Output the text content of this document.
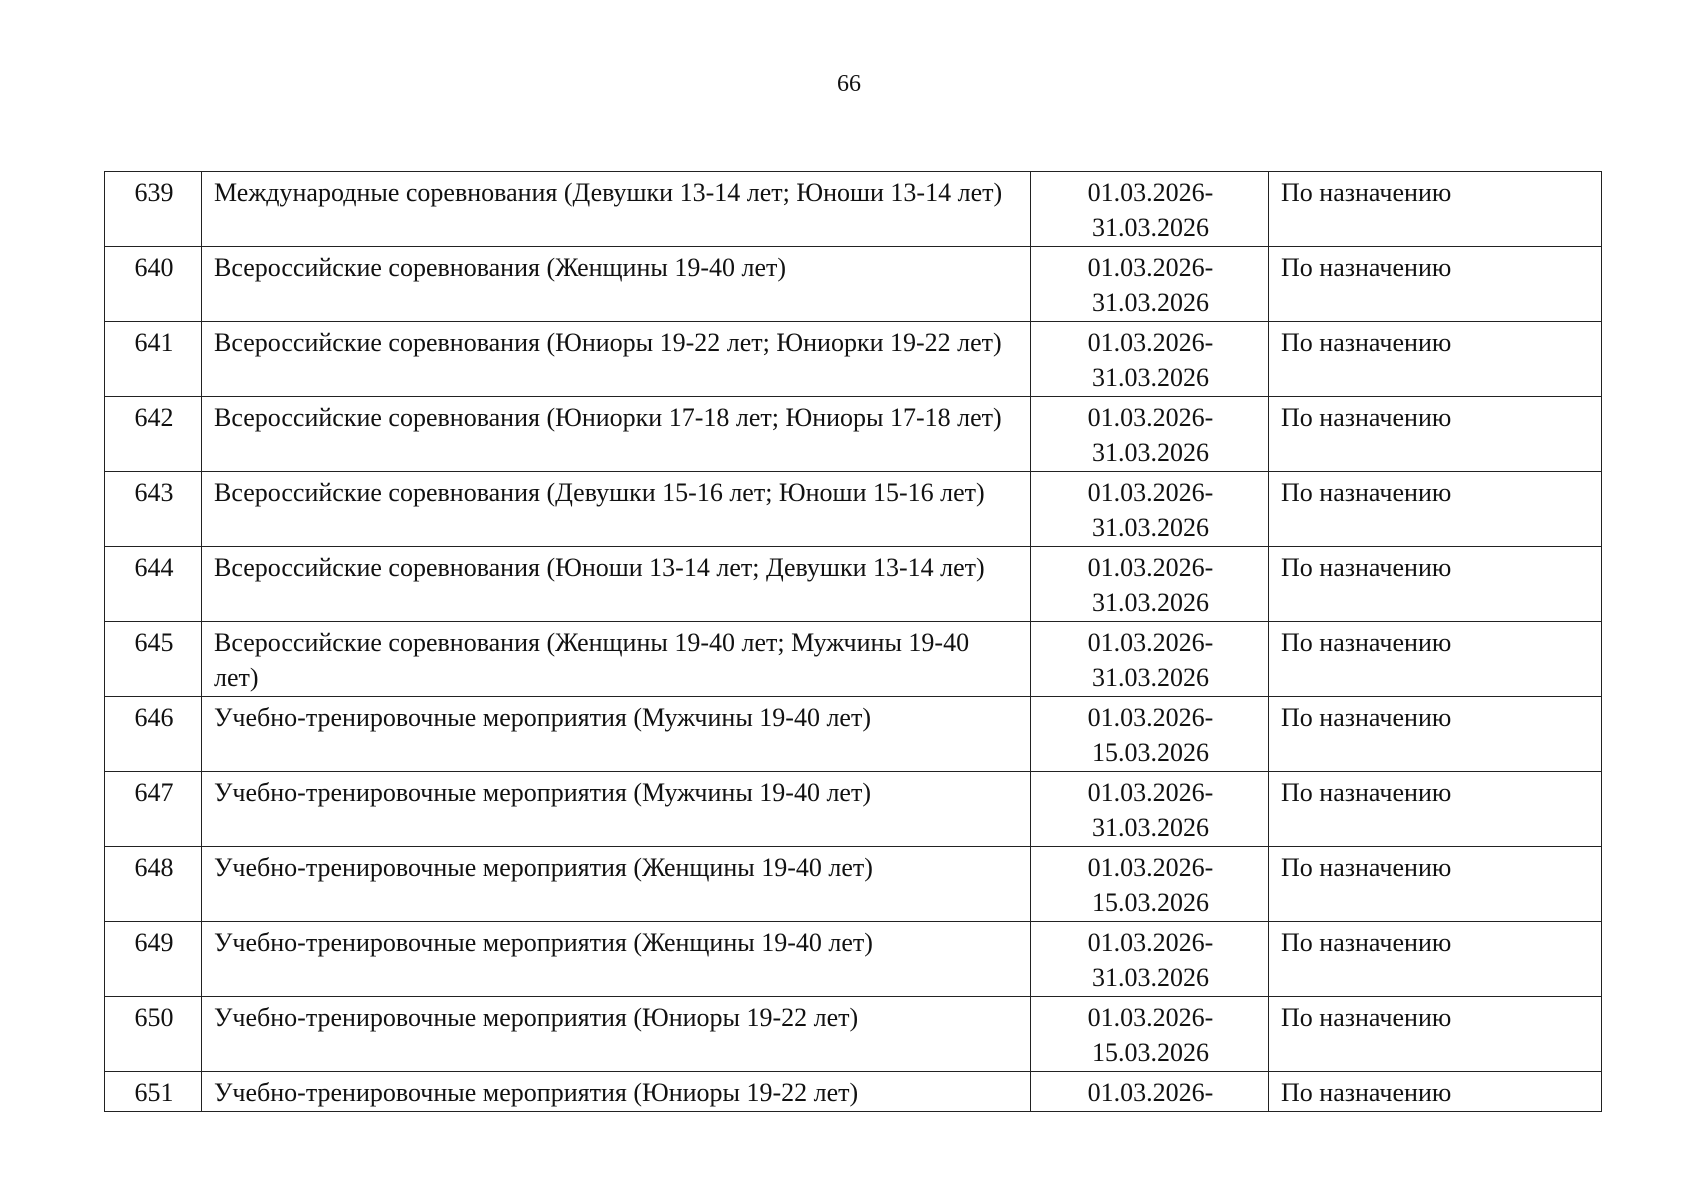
66
639	Международные соревнования (Девушки 13-14 лет; Юноши 13-14 лет)	01.03.2026-
31.03.2026	По назначению
640	Всероссийские соревнования (Женщины 19-40 лет)	01.03.2026-
31.03.2026	По назначению
641	Всероссийские соревнования (Юниоры 19-22 лет; Юниорки 19-22 лет)	01.03.2026-
31.03.2026	По назначению
642	Всероссийские соревнования (Юниорки 17-18 лет; Юниоры 17-18 лет)	01.03.2026-
31.03.2026	По назначению
643	Всероссийские соревнования (Девушки 15-16 лет; Юноши 15-16 лет)	01.03.2026-
31.03.2026	По назначению
644	Всероссийские соревнования (Юноши 13-14 лет; Девушки 13-14 лет)	01.03.2026-
31.03.2026	По назначению
645	Всероссийские соревнования (Женщины 19-40 лет; Мужчины 19-40 лет)	01.03.2026-
31.03.2026	По назначению
646	Учебно-тренировочные мероприятия (Мужчины 19-40 лет)	01.03.2026-
15.03.2026	По назначению
647	Учебно-тренировочные мероприятия (Мужчины 19-40 лет)	01.03.2026-
31.03.2026	По назначению
648	Учебно-тренировочные мероприятия (Женщины 19-40 лет)	01.03.2026-
15.03.2026	По назначению
649	Учебно-тренировочные мероприятия (Женщины 19-40 лет)	01.03.2026-
31.03.2026	По назначению
650	Учебно-тренировочные мероприятия (Юниоры 19-22 лет)	01.03.2026-
15.03.2026	По назначению
651	Учебно-тренировочные мероприятия (Юниоры 19-22 лет)	01.03.2026-	По назначению
